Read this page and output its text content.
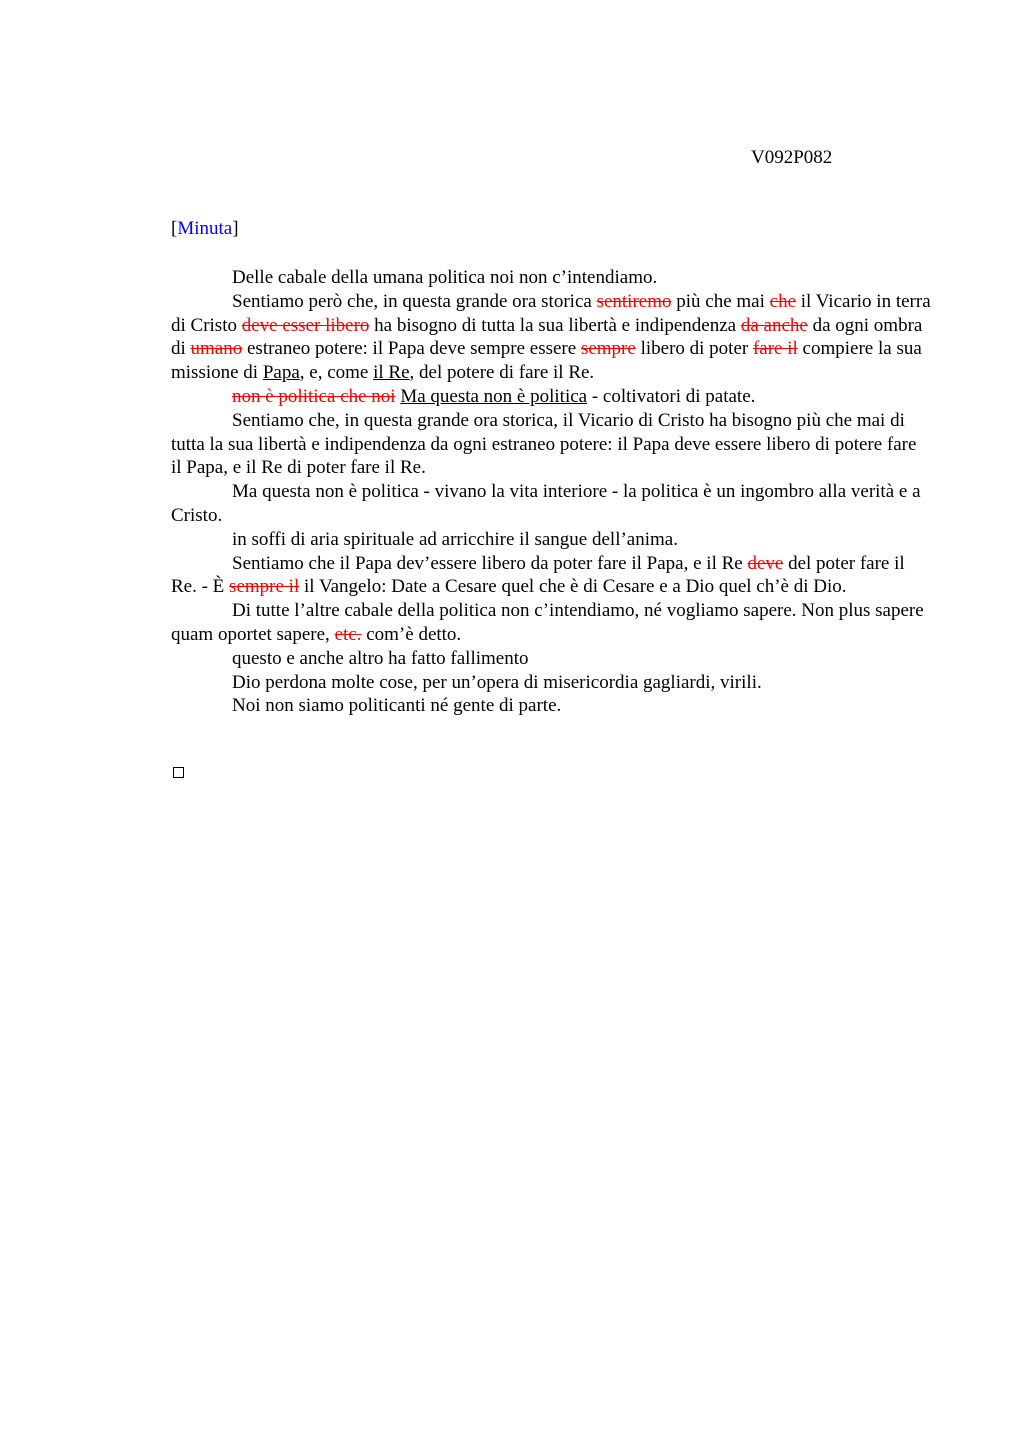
V092P082
[Minuta]

Delle cabale della umana politica noi non c’intendiamo.

Sentiamo però che, in questa grande ora storica sentiremo più che mai che il Vicario in terra di Cristo deve esser libero ha bisogno di tutta la sua libertà e indipendenza da anche da ogni ombra di umano estraneo potere: il Papa deve sempre essere sempre libero di poter fare il compiere la sua missione di Papa, e, come il Re, del potere di fare il Re.

non è politica che noi Ma questa non è politica - coltivatori di patate.

Sentiamo che, in questa grande ora storica, il Vicario di Cristo ha bisogno più che mai di tutta la sua libertà e indipendenza da ogni estraneo potere: il Papa deve essere libero di potere fare il Papa, e il Re di poter fare il Re.

Ma questa non è politica - vivano la vita interiore - la politica è un ingombro alla verità e a Cristo.

in soffi di aria spirituale ad arricchire il sangue dell’anima.

Sentiamo che il Papa dev’essere libero da poter fare il Papa, e il Re deve del poter fare il Re. - È sempre il il Vangelo: Date a Cesare quel che è di Cesare e a Dio quel ch’è di Dio.

Di tutte l’altre cabale della politica non c’intendiamo, né vogliamo sapere. Non plus sapere quam oportet sapere, etc. com’è detto.

questo e anche altro ha fatto fallimento

Dio perdona molte cose, per un’opera di misericordia gagliardi, virili.

Noi non siamo politicanti né gente di parte.
